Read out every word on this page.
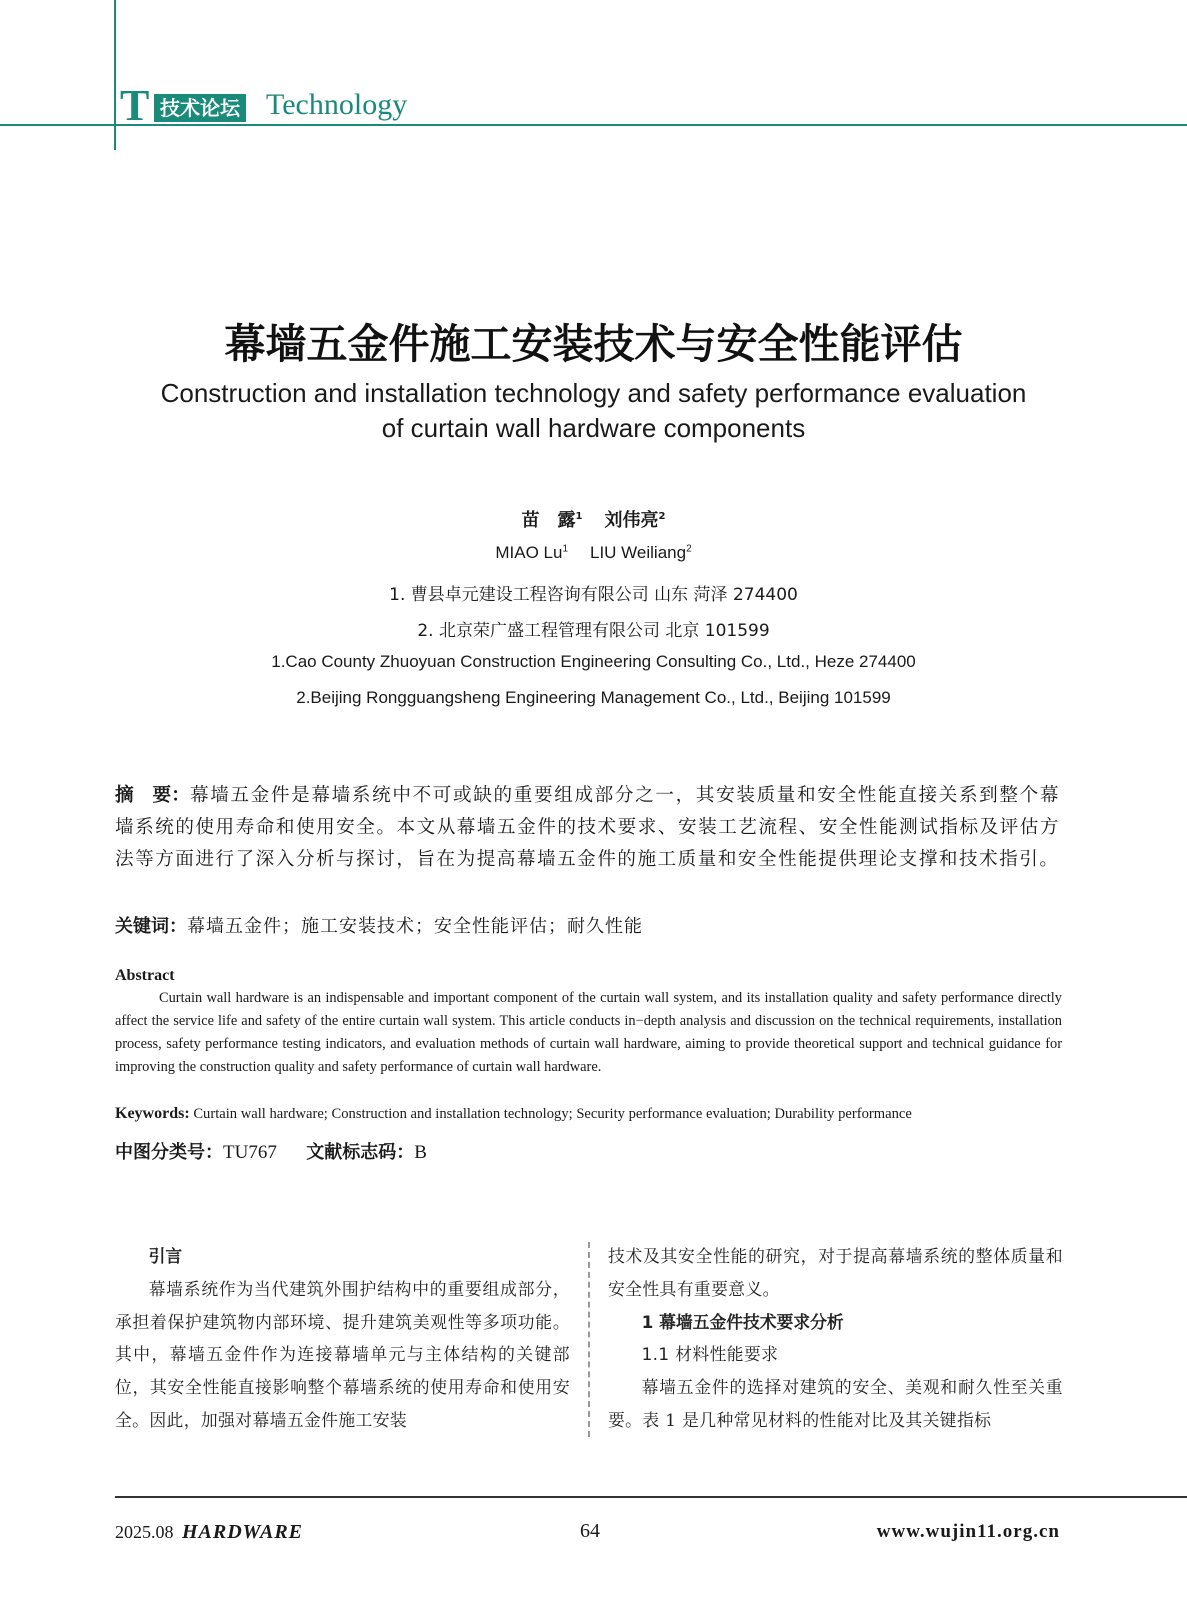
T 技术论坛 Technology
幕墙五金件施工安装技术与安全性能评估
Construction and installation technology and safety performance evaluation
of curtain wall hardware components
苗　露$^1$ 刘伟亮$^2$
MIAO Lu$^1$ LIU Weiliang$^2$
1. 曹县卓元建设工程咨询有限公司 山东 菏泽 274400
2. 北京荣广盛工程管理有限公司 北京 101599
1.Cao County Zhuoyuan Construction Engineering Consulting Co., Ltd., Heze 274400
2.Beijing Rongguangsheng Engineering Management Co., Ltd., Beijing 101599
摘　要：幕墙五金件是幕墙系统中不可或缺的重要组成部分之一，其安装质量和安全性能直接关系到整个幕墙系统的使用寿命和使用安全。本文从幕墙五金件的技术要求、安装工艺流程、安全性能测试指标及评估方法等方面进行了深入分析与探讨，旨在为提高幕墙五金件的施工质量和安全性能提供理论支撑和技术指引。
关键词：幕墙五金件；施工安装技术；安全性能评估；耐久性能
Abstract
Curtain wall hardware is an indispensable and important component of the curtain wall system, and its installation quality and safety performance directly affect the service life and safety of the entire curtain wall system. This article conducts in−depth analysis and discussion on the technical requirements, installation process, safety performance testing indicators, and evaluation methods of curtain wall hardware, aiming to provide theoretical support and technical guidance for improving the construction quality and safety performance of curtain wall hardware.
Keywords: Curtain wall hardware; Construction and installation technology; Security performance evaluation; Durability performance
中图分类号：TU767 文献标志码：B

引言

幕墙系统作为当代建筑外围护结构中的重要组成部分，承担着保护建筑物内部环境、提升建筑美观性等多项功能。其中，幕墙五金件作为连接幕墙单元与主体结构的关键部位，其安全性能直接影响整个幕墙系统的使用寿命和使用安全。因此，加强对幕墙五金件施工安装

技术及其安全性能的研究，对于提高幕墙系统的整体质量和安全性具有重要意义。

1 幕墙五金件技术要求分析

1.1 材料性能要求

幕墙五金件的选择对建筑的安全、美观和耐久性至关重要。表 1 是几种常见材料的性能对比及其关键指标

2025.08 HARDWARE	64	www.wujin11.org.cn
